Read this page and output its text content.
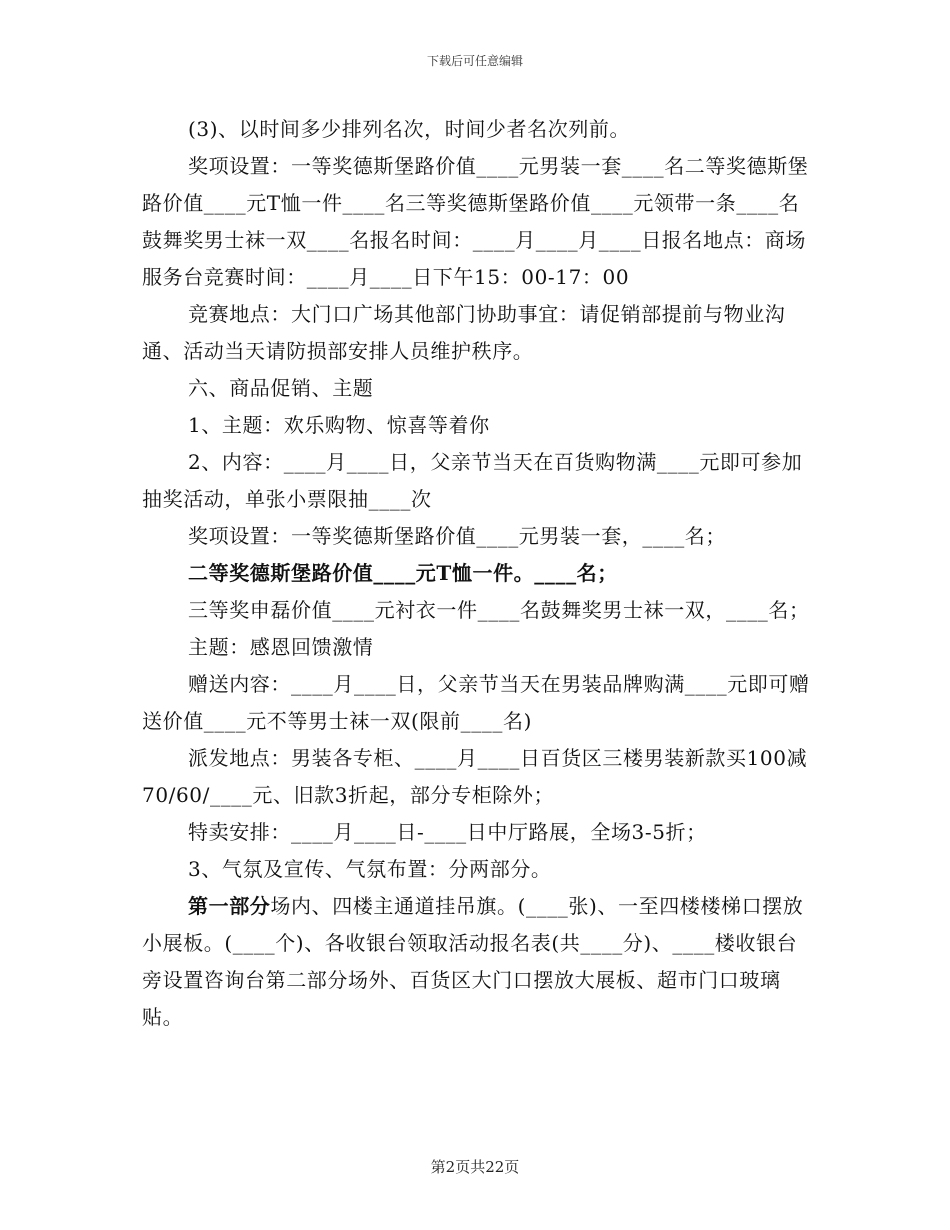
下载后可任意编辑

(3)、以时间多少排列名次，时间少者名次列前。

奖项设置：一等奖德斯堡路价值____元男装一套____名二等奖德斯堡路价值____元T恤一件____名三等奖德斯堡路价值____元领带一条____名鼓舞奖男士袜一双____名报名时间：____月____月____日报名地点：商场服务台竞赛时间：____月____日下午15：00-17：00

竞赛地点：大门口广场其他部门协助事宜：请促销部提前与物业沟通、活动当天请防损部安排人员维护秩序。

六、商品促销、主题

1、主题：欢乐购物、惊喜等着你

2、内容：____月____日，父亲节当天在百货购物满____元即可参加抽奖活动，单张小票限抽____次

奖项设置：一等奖德斯堡路价值____元男装一套，____名；

二等奖德斯堡路价值____元T恤一件。____名；

三等奖申磊价值____元衬衣一件____名鼓舞奖男士袜一双，____名；

主题：感恩回馈激情

赠送内容：____月____日，父亲节当天在男装品牌购满____元即可赠送价值____元不等男士袜一双(限前____名)

派发地点：男装各专柜、____月____日百货区三楼男装新款买100减70/60/____元、旧款3折起，部分专柜除外；

特卖安排：____月____日-____日中厅路展，全场3-5折；

3、气氛及宣传、气氛布置：分两部分。

第一部分场内、四楼主通道挂吊旗。(____张)、一至四楼楼梯口摆放小展板。(____个)、各收银台领取活动报名表(共____分)、____楼收银台旁设置咨询台第二部分场外、百货区大门口摆放大展板、超市门口玻璃贴。

第2页共22页
